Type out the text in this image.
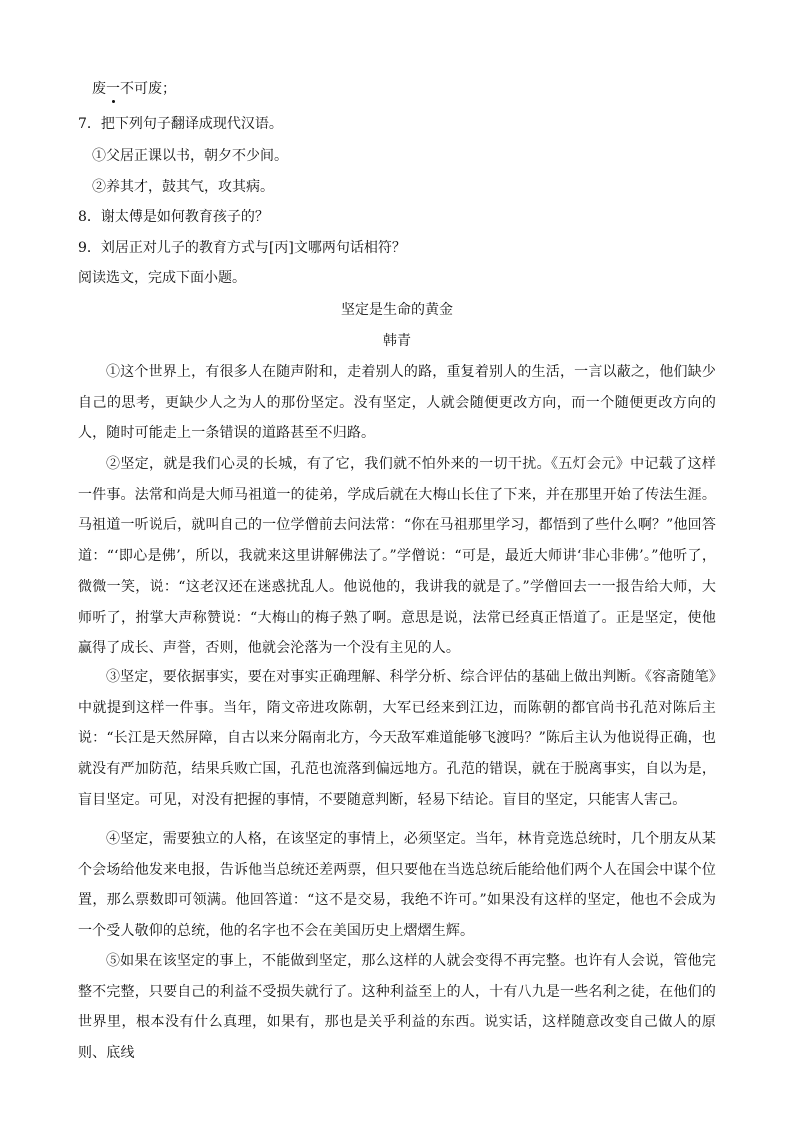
废一不可废；
7．把下列句子翻译成现代汉语。
①父居正课以书，朝夕不少间。
②养其才，鼓其气，攻其病。
8．谢太傅是如何教育孩子的？
9．刘居正对儿子的教育方式与[丙]文哪两句话相符？
阅读选文，完成下面小题。
坚定是生命的黄金
韩青
①这个世界上，有很多人在随声附和，走着别人的路，重复着别人的生活，一言以蔽之，他们缺少自己的思考，更缺少人之为人的那份坚定。没有坚定，人就会随便更改方向，而一个随便更改方向的人，随时可能走上一条错误的道路甚至不归路。
②坚定，就是我们心灵的长城，有了它，我们就不怕外来的一切干扰。《五灯会元》中记载了这样一件事。法常和尚是大师马祖道一的徒弟，学成后就在大梅山长住了下来，并在那里开始了传法生涯。马祖道一听说后，就叫自己的一位学僧前去问法常：“你在马祖那里学习，都悟到了些什么啊？”他回答道：“‘即心是佛’，所以，我就来这里讲解佛法了。”学僧说：“可是，最近大师讲‘非心非佛’。”他听了，微微一笑，说：“这老汉还在迷惑扰乱人。他说他的，我讲我的就是了。”学僧回去一一报告给大师，大师听了，拊掌大声称赞说：“大梅山的梅子熟了啊。意思是说，法常已经真正悟道了。正是坚定，使他赢得了成长、声誉，否则，他就会沦落为一个没有主见的人。
③坚定，要依据事实，要在对事实正确理解、科学分析、综合评估的基础上做出判断。《容斋随笔》中就提到这样一件事。当年，隋文帝进攻陈朝，大军已经来到江边，而陈朝的都官尚书孔范对陈后主说：“长江是天然屏障，自古以来分隔南北方，今天敌军难道能够飞渡吗？”陈后主认为他说得正确，也就没有严加防范，结果兵败亡国，孔范也流落到偏远地方。孔范的错误，就在于脱离事实，自以为是，盲目坚定。可见，对没有把握的事情，不要随意判断，轻易下结论。盲目的坚定，只能害人害己。
④坚定，需要独立的人格，在该坚定的事情上，必须坚定。当年，林肯竞选总统时，几个朋友从某个会场给他发来电报，告诉他当总统还差两票，但只要他在当选总统后能给他们两个人在国会中谋个位置，那么票数即可领满。他回答道：“这不是交易，我绝不许可。”如果没有这样的坚定，他也不会成为一个受人敬仰的总统，他的名字也不会在美国历史上熠熠生辉。
⑤如果在该坚定的事上，不能做到坚定，那么这样的人就会变得不再完整。也许有人会说，管他完整不完整，只要自己的利益不受损失就行了。这种利益至上的人，十有八九是一些名利之徒，在他们的世界里，根本没有什么真理，如果有，那也是关乎利益的东西。说实话，这样随意改变自己做人的原则、底线
